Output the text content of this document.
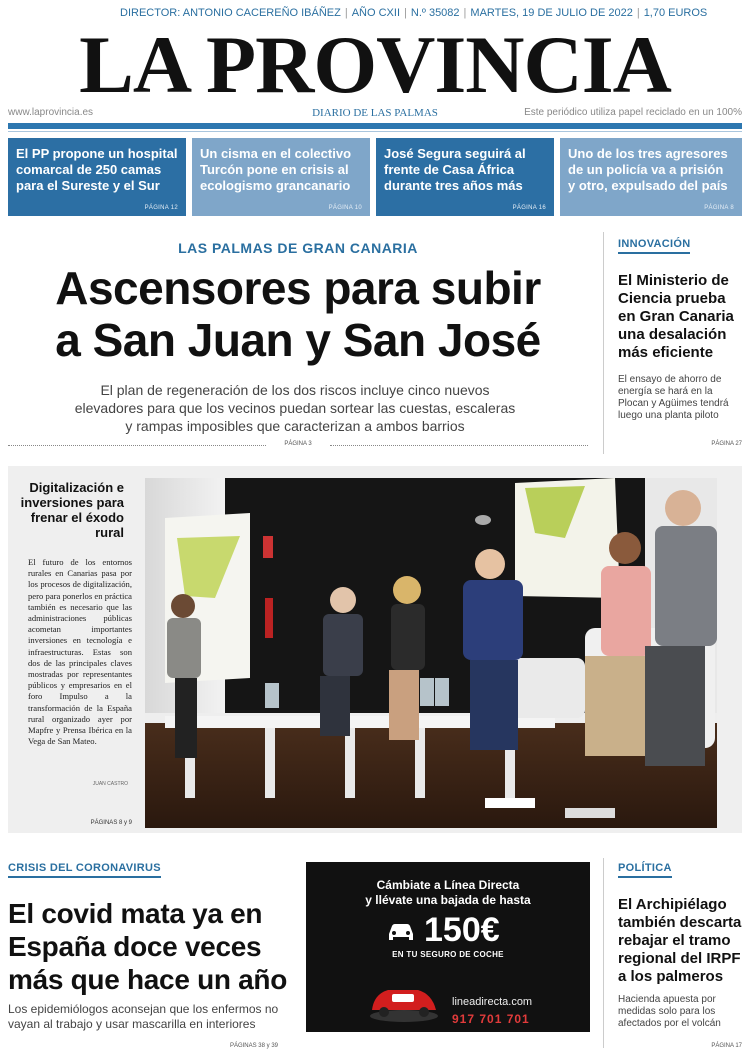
DIRECTOR: ANTONIO CACEREÑO IBÁÑEZ | AÑO CXII | N.º 35082 | MARTES, 19 DE JULIO DE 2022 | 1,70 EUROS
LA PROVINCIA
www.laprovincia.es	DIARIO DE LAS PALMAS	Este periódico utiliza papel reciclado en un 100%
El PP propone un hospital comarcal de 250 camas para el Sureste y el Sur
PÁGINA 12
Un cisma en el colectivo Turcón pone en crisis al ecologismo grancanario
PÁGINA 10
José Segura seguirá al frente de Casa África durante tres años más
PÁGINA 16
Uno de los tres agresores de un policía va a prisión y otro, expulsado del país
PÁGINA 8
LAS PALMAS DE GRAN CANARIA
Ascensores para subir
a San Juan y San José
El plan de regeneración de los dos riscos incluye cinco nuevos elevadores para que los vecinos puedan sortear las cuestas, escaleras y rampas imposibles que caracterizan a ambos barrios
PÁGINA 3
INNOVACIÓN
El Ministerio de Ciencia prueba en Gran Canaria una desalación más eficiente
El ensayo de ahorro de energía se hará en la Plocan y Agüimes tendrá luego una planta piloto
PÁGINA 27
Digitalización e inversiones para frenar el éxodo rural
El futuro de los entornos rurales en Canarias pasa por los procesos de digitalización, pero para ponerlos en práctica también es necesario que las administraciones públicas acometan importantes inversiones en tecnología e infraestructuras. Estas son dos de las principales claves mostradas por representantes públicos y empresarios en el foro Impulso a la transformación de la España rural organizado ayer por Mapfre y Prensa Ibérica en la Vega de San Mateo.
JUAN CASTRO
PÁGINAS 8 y 9
CRISIS DEL CORONAVIRUS
El covid mata ya en España doce veces más que hace un año
Los epidemiólogos aconsejan que los enfermos no vayan al trabajo y usar mascarilla en interiores
PÁGINAS 38 y 39
Cámbiate a Línea Directa
y llévate una bajada de hasta
150€
EN TU SEGURO DE COCHE
lineadirecta.com
917 701 701
POLÍTICA
El Archipiélago también descarta rebajar el tramo regional del IRPF a los palmeros
Hacienda apuesta por medidas solo para los afectados por el volcán
PÁGINA 17
